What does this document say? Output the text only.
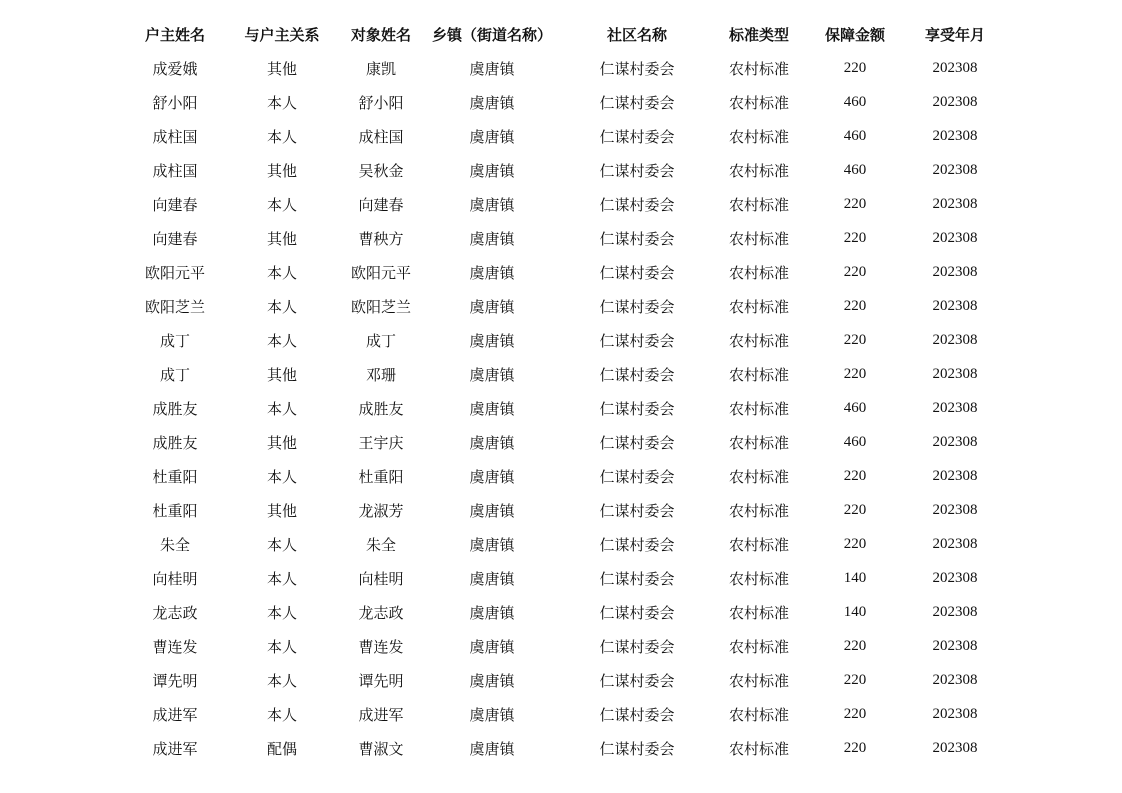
户主姓名	与户主关系	对象姓名	乡镇（街道名称）	社区名称	标准类型	保障金额	享受年月
成爱娥	其他	康凯	虞唐镇	仁谋村委会	农村标准	220	202308
舒小阳	本人	舒小阳	虞唐镇	仁谋村委会	农村标准	460	202308
成柱国	本人	成柱国	虞唐镇	仁谋村委会	农村标准	460	202308
成柱国	其他	吴秋金	虞唐镇	仁谋村委会	农村标准	460	202308
向建春	本人	向建春	虞唐镇	仁谋村委会	农村标准	220	202308
向建春	其他	曹秧方	虞唐镇	仁谋村委会	农村标准	220	202308
欧阳元平	本人	欧阳元平	虞唐镇	仁谋村委会	农村标准	220	202308
欧阳芝兰	本人	欧阳芝兰	虞唐镇	仁谋村委会	农村标准	220	202308
成丁	本人	成丁	虞唐镇	仁谋村委会	农村标准	220	202308
成丁	其他	邓珊	虞唐镇	仁谋村委会	农村标准	220	202308
成胜友	本人	成胜友	虞唐镇	仁谋村委会	农村标准	460	202308
成胜友	其他	王宇庆	虞唐镇	仁谋村委会	农村标准	460	202308
杜重阳	本人	杜重阳	虞唐镇	仁谋村委会	农村标准	220	202308
杜重阳	其他	龙淑芳	虞唐镇	仁谋村委会	农村标准	220	202308
朱全	本人	朱全	虞唐镇	仁谋村委会	农村标准	220	202308
向桂明	本人	向桂明	虞唐镇	仁谋村委会	农村标准	140	202308
龙志政	本人	龙志政	虞唐镇	仁谋村委会	农村标准	140	202308
曹连发	本人	曹连发	虞唐镇	仁谋村委会	农村标准	220	202308
谭先明	本人	谭先明	虞唐镇	仁谋村委会	农村标准	220	202308
成进军	本人	成进军	虞唐镇	仁谋村委会	农村标准	220	202308
成进军	配偶	曹淑文	虞唐镇	仁谋村委会	农村标准	220	202308
